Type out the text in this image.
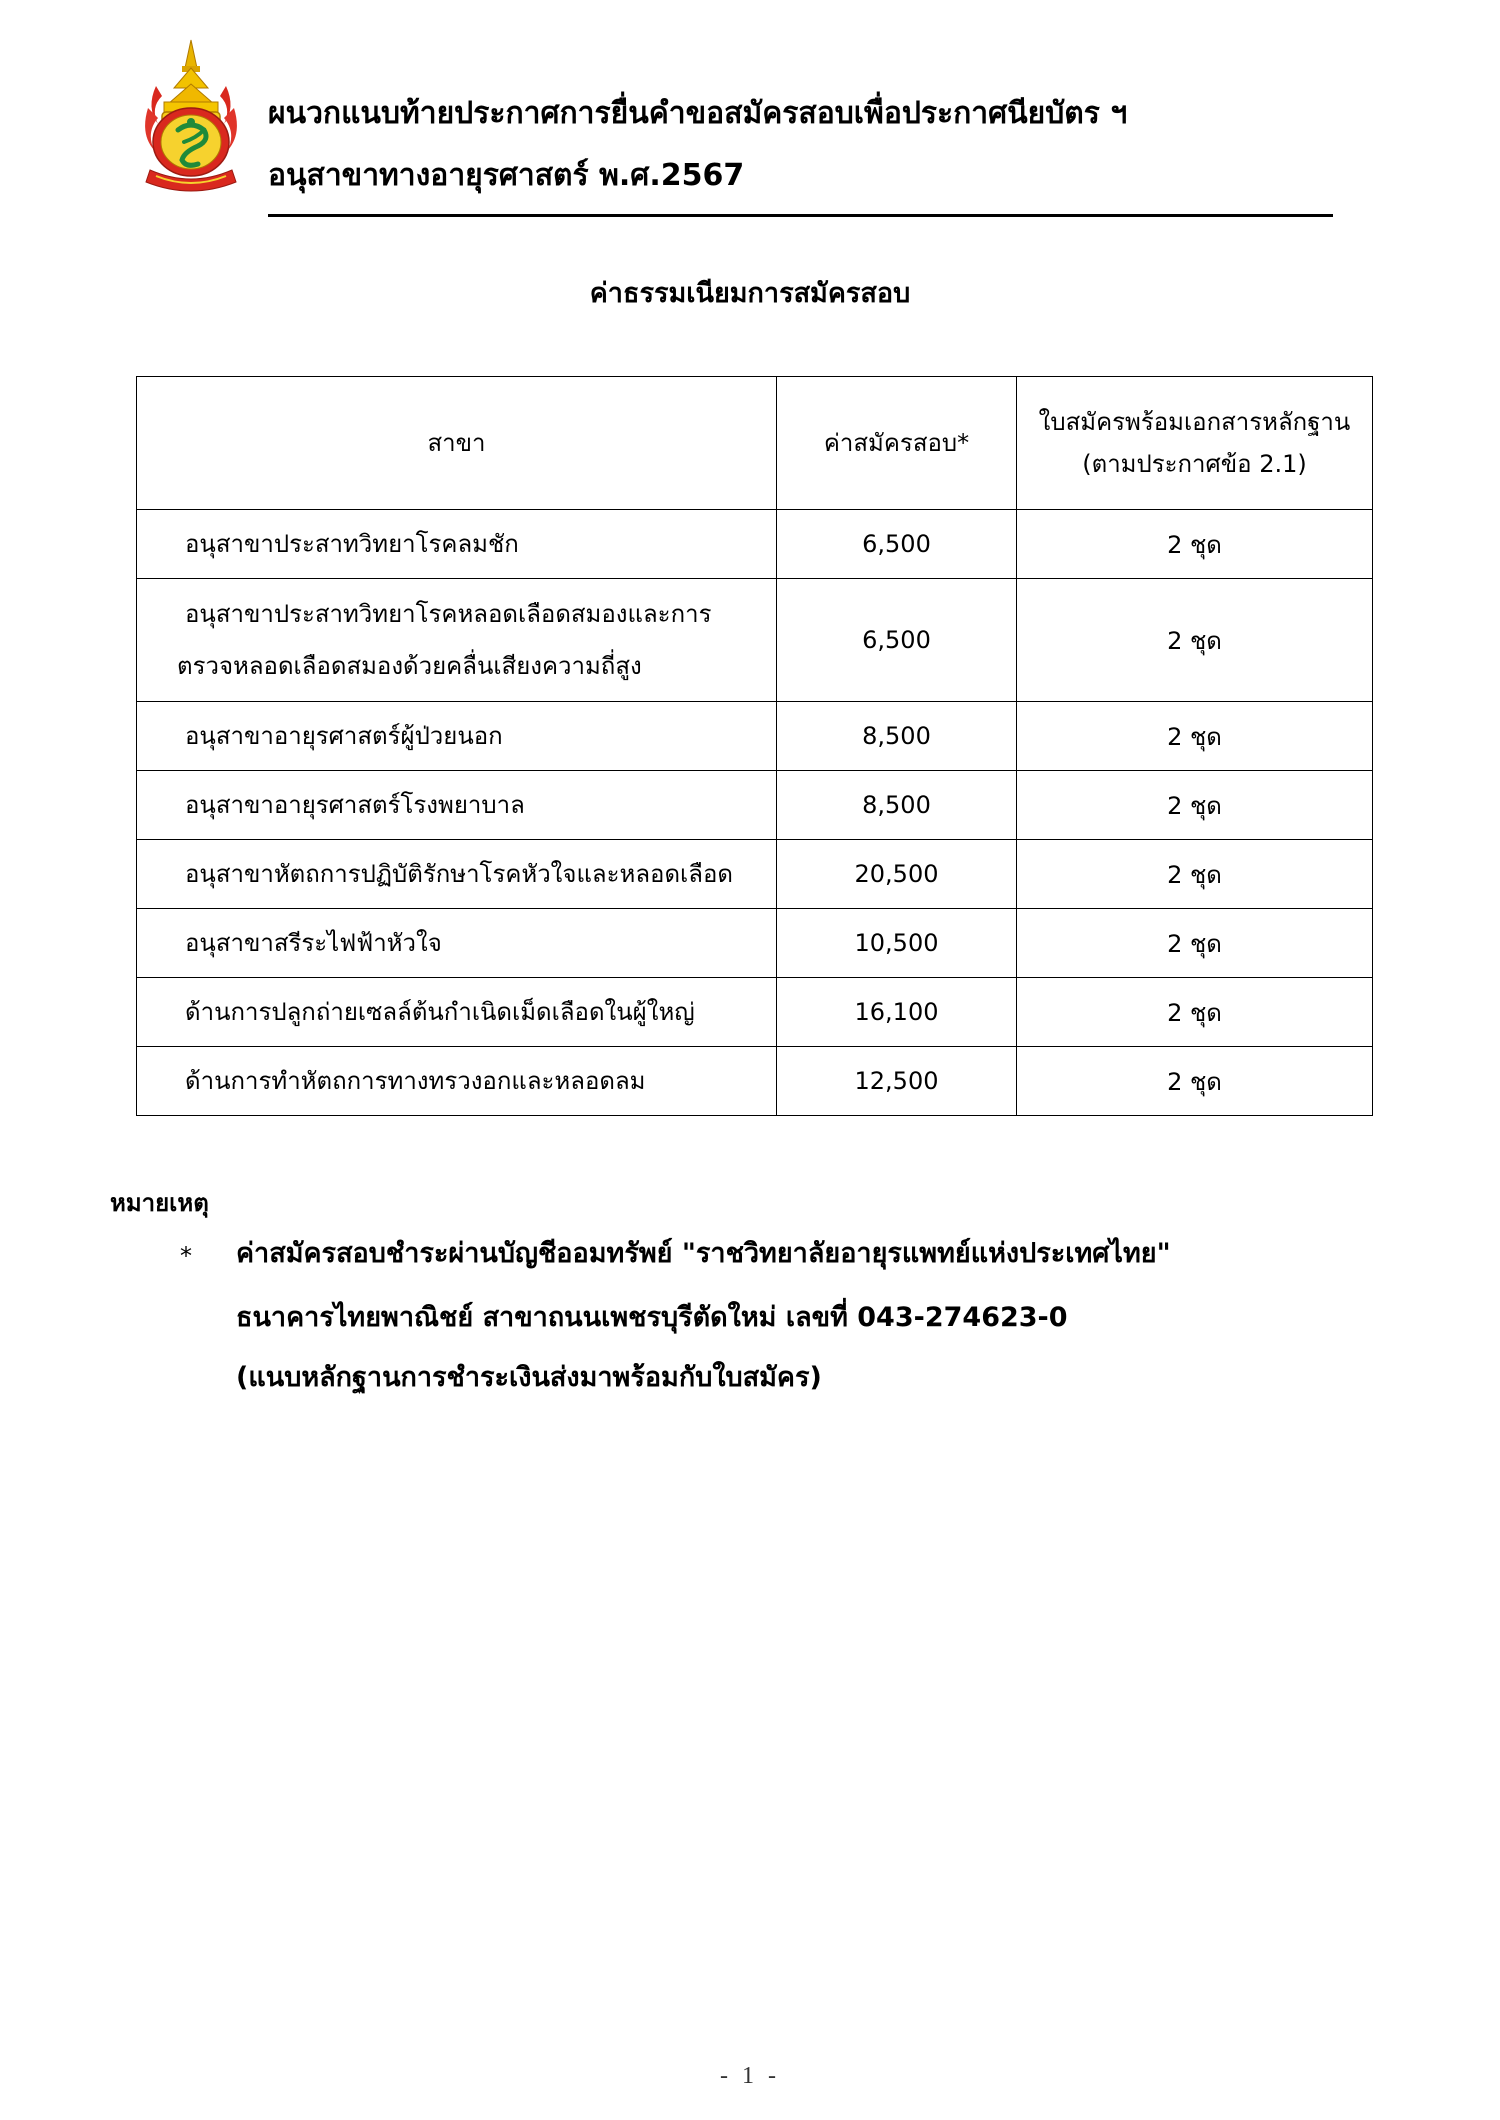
ผนวกแนบท้ายประกาศการยื่นคำขอสมัครสอบเพื่อประกาศนียบัตร ฯ
อนุสาขาทางอายุรศาสตร์ พ.ศ.2567
ค่าธรรมเนียมการสมัครสอบ
สาขา	ค่าสมัครสอบ*	ใบสมัครพร้อมเอกสารหลักฐาน
(ตามประกาศข้อ 2.1)

อนุสาขาประสาทวิทยาโรคลมชัก	6,500	2 ชุด
อนุสาขาประสาทวิทยาโรคหลอดเลือดสมองและการ
ตรวจหลอดเลือดสมองด้วยคลื่นเสียงความถี่สูง	6,500	2 ชุด
อนุสาขาอายุรศาสตร์ผู้ป่วยนอก	8,500	2 ชุด
อนุสาขาอายุรศาสตร์โรงพยาบาล	8,500	2 ชุด
อนุสาขาหัตถการปฏิบัติรักษาโรคหัวใจและหลอดเลือด	20,500	2 ชุด
อนุสาขาสรีระไฟฟ้าหัวใจ	10,500	2 ชุด
ด้านการปลูกถ่ายเซลล์ต้นกำเนิดเม็ดเลือดในผู้ใหญ่	16,100	2 ชุด
ด้านการทำหัตถการทางทรวงอกและหลอดลม	12,500	2 ชุด
หมายเหตุ
* ค่าสมัครสอบชำระผ่านบัญชีออมทรัพย์ "ราชวิทยาลัยอายุรแพทย์แห่งประเทศไทย"
ธนาคารไทยพาณิชย์ สาขาถนนเพชรบุรีตัดใหม่ เลขที่ 043-274623-0
(แนบหลักฐานการชำระเงินส่งมาพร้อมกับใบสมัคร)
- 1 -
